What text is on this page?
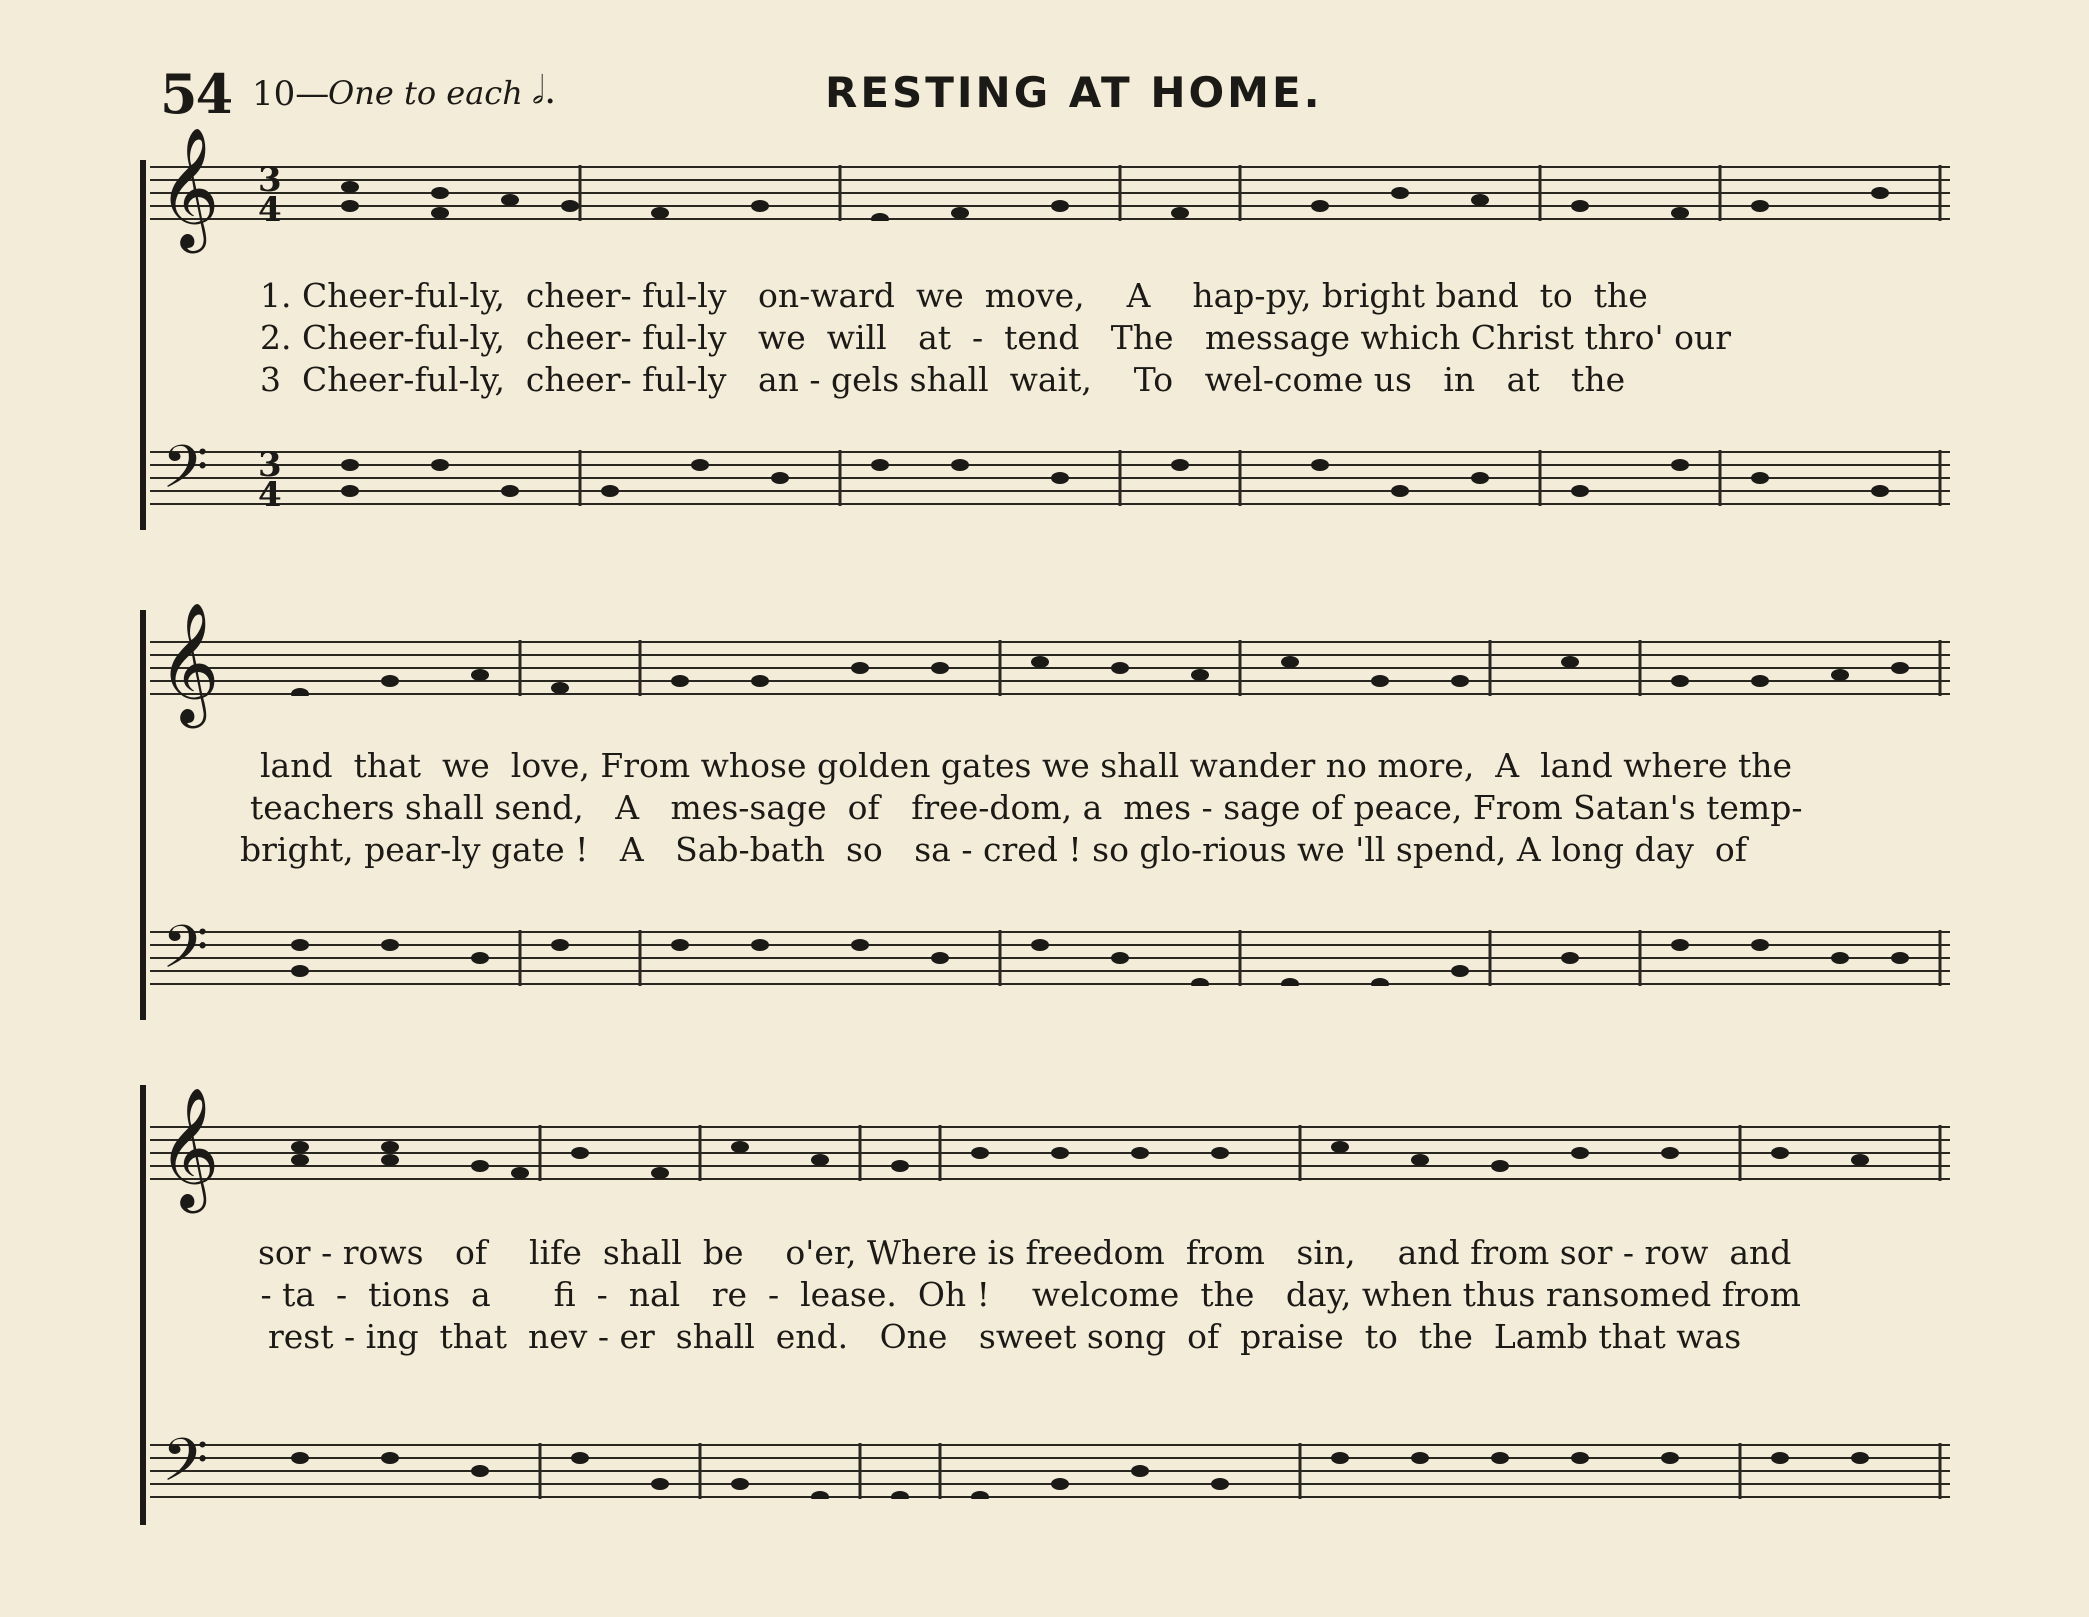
54 10—
One to each 𝅗𝅥.	RESTING AT HOME.
𝄞 3
4
1. Cheer-ful-ly,  cheer- ful-ly   on-ward  we  move,    A    hap-py, bright band  to  the
2. Cheer-ful-ly,  cheer- ful-ly   we  will   at  -  tend   The   message which Christ thro' our
3  Cheer-ful-ly,  cheer- ful-ly   an - gels shall  wait,    To   wel-come us   in   at   the
𝄢 3
4
𝄞
land  that  we  love, From whose golden gates we shall wander no more,  A  land where the
teachers shall send,   A   mes-sage  of   free-dom, a  mes - sage of peace, From Satan's temp-
bright, pear-ly gate !   A   Sab-bath  so   sa - cred ! so glo-rious we 'll spend, A long day  of
𝄢
𝄞
sor - rows   of    life  shall  be    o'er, Where is freedom  from   sin,    and from sor - row  and
- ta  -  tions  a      fi  -  nal   re  -  lease.  Oh !    welcome  the   day, when thus ransomed from
rest - ing  that  nev - er  shall  end.   One   sweet song  of  praise  to  the  Lamb that was
𝄢
